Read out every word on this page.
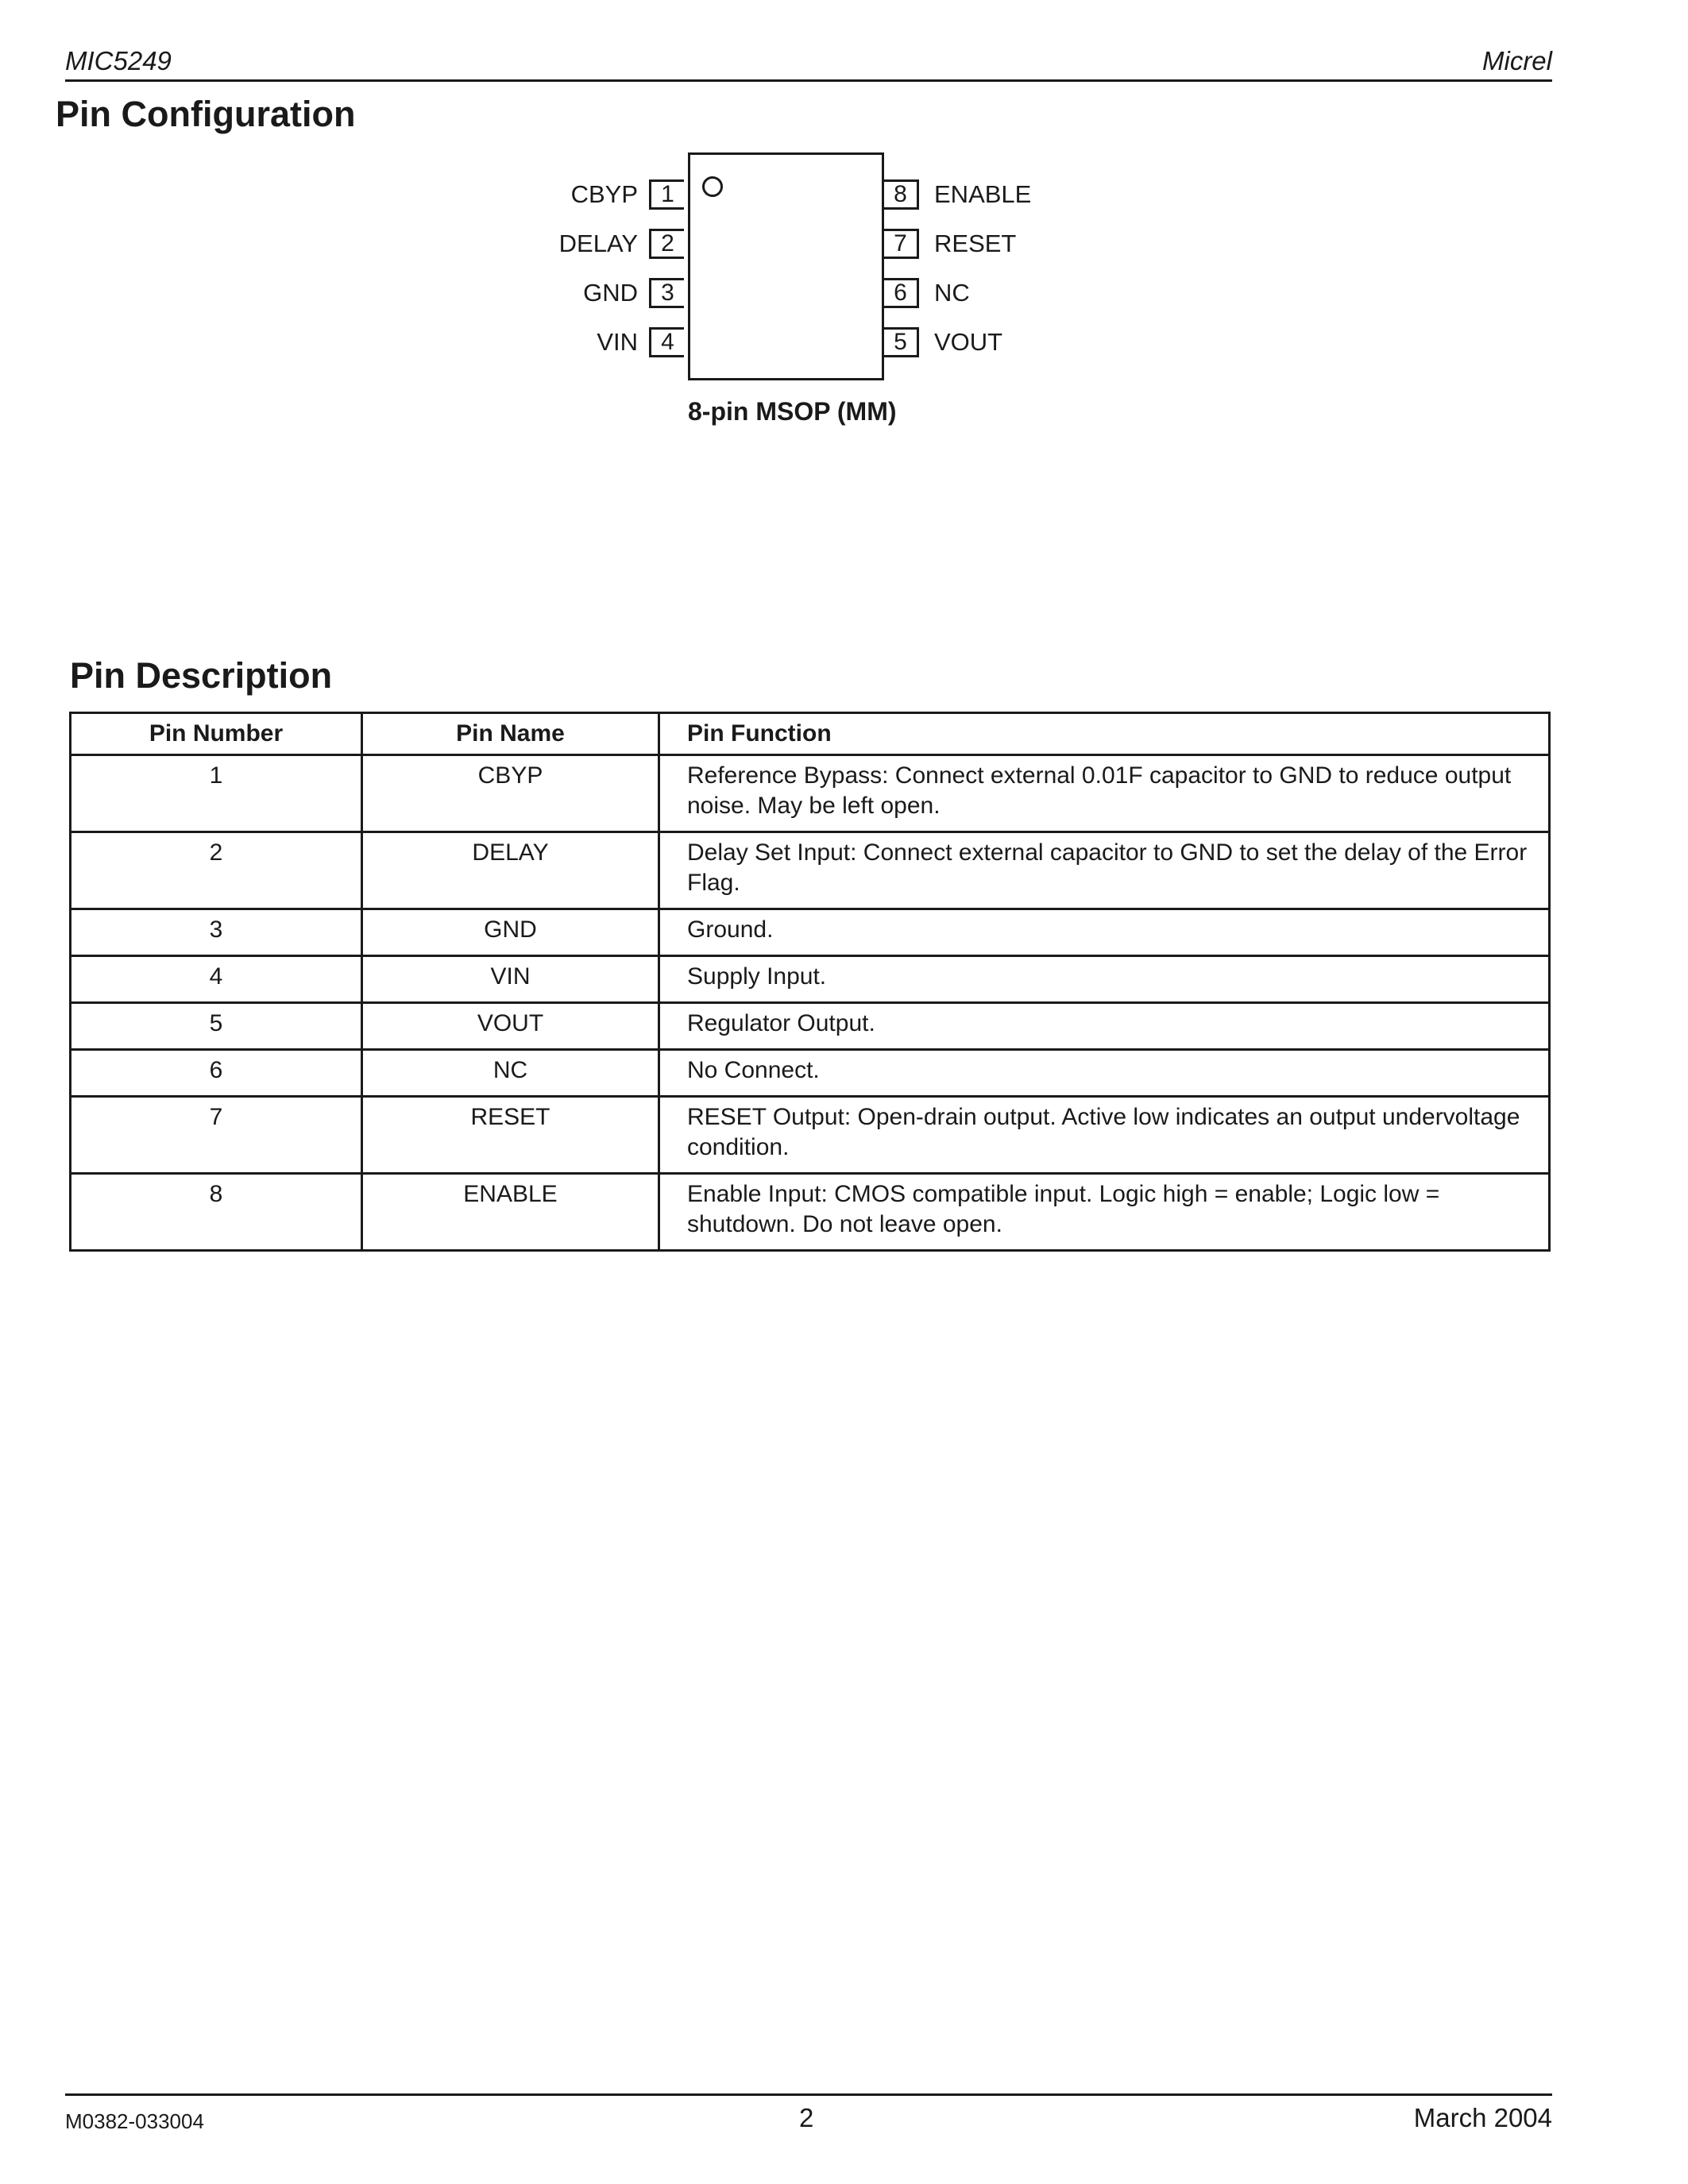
MIC5249	Micrel
Pin Configuration
CBYP 1
DELAY 2
GND 3
VIN 4
8	ENABLE
7	RESET
6	NC
5	VOUT
8-pin MSOP (MM)
Pin Description
Pin Number	Pin Name	Pin Function
1	CBYP	Reference Bypass: Connect external 0.01F capacitor to GND to reduce output noise. May be left open.
2	DELAY	Delay Set Input: Connect external capacitor to GND to set the delay of the Error Flag.
3	GND	Ground.
4	VIN	Supply Input.
5	VOUT	Regulator Output.
6	NC	No Connect.
7	RESET	RESET Output: Open-drain output. Active low indicates an output undervoltage condition.
8	ENABLE	Enable Input: CMOS compatible input. Logic high = enable; Logic low = shutdown. Do not leave open.
M0382-033004	2	March 2004
